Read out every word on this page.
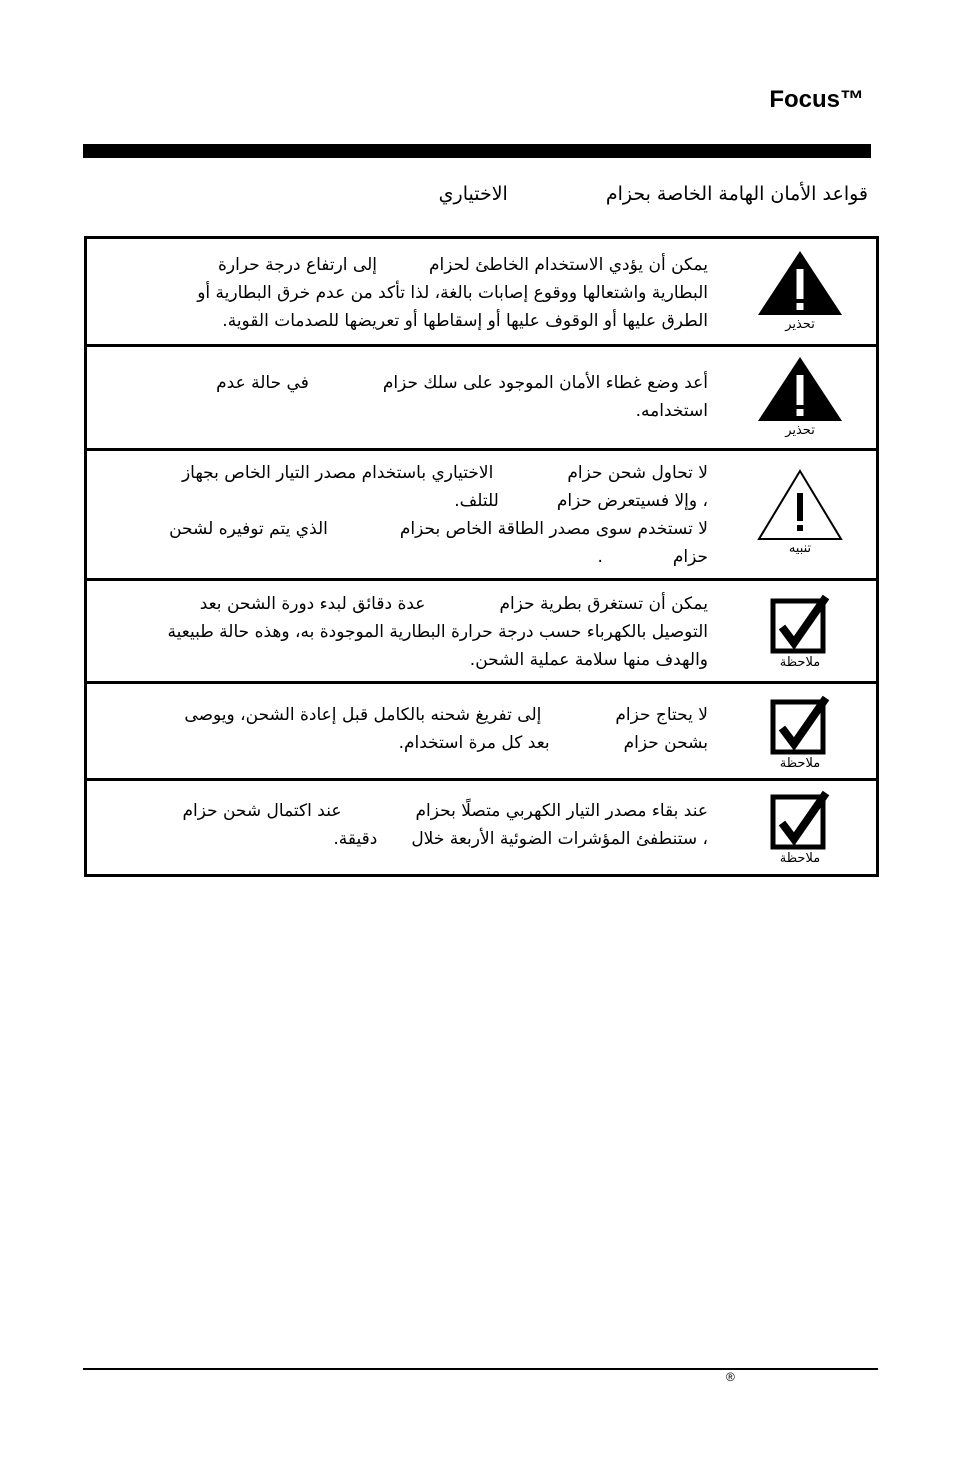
Focus™
قواعد الأمان الهامة الخاصة بحزامالاختياري
تحذير
يمكن أن يؤدي الاستخدام الخاطئ لحزامإلى ارتفاع درجة حرارة
البطارية واشتعالها ووقوع إصابات بالغة، لذا تأكد من عدم خرق البطارية أو
الطرق عليها أو الوقوف عليها أو إسقاطها أو تعريضها للصدمات القوية.
تحذير
أعد وضع غطاء الأمان الموجود على سلك حزامفي حالة عدم
استخدامه.
تنبيه
لا تحاول شحن حزامالاختياري باستخدام مصدر التيار الخاص بجهاز
، وإلا فسيتعرض حزامللتلف.
لا تستخدم سوى مصدر الطاقة الخاص بحزامالذي يتم توفيره لشحن
حزام.
ملاحظة
يمكن أن تستغرق بطرية حزامعدة دقائق لبدء دورة الشحن بعد
التوصيل بالكهرباء حسب درجة حرارة البطارية الموجودة به، وهذه حالة طبيعية
والهدف منها سلامة عملية الشحن.
ملاحظة
لا يحتاج حزامإلى تفريغ شحنه بالكامل قبل إعادة الشحن، ويوصى
بشحن حزامبعد كل مرة استخدام.
ملاحظة
عند بقاء مصدر التيار الكهربي متصلًا بحزامعند اكتمال شحن حزام
، ستنطفئ المؤشرات الضوئية الأربعة خلالدقيقة.
®
